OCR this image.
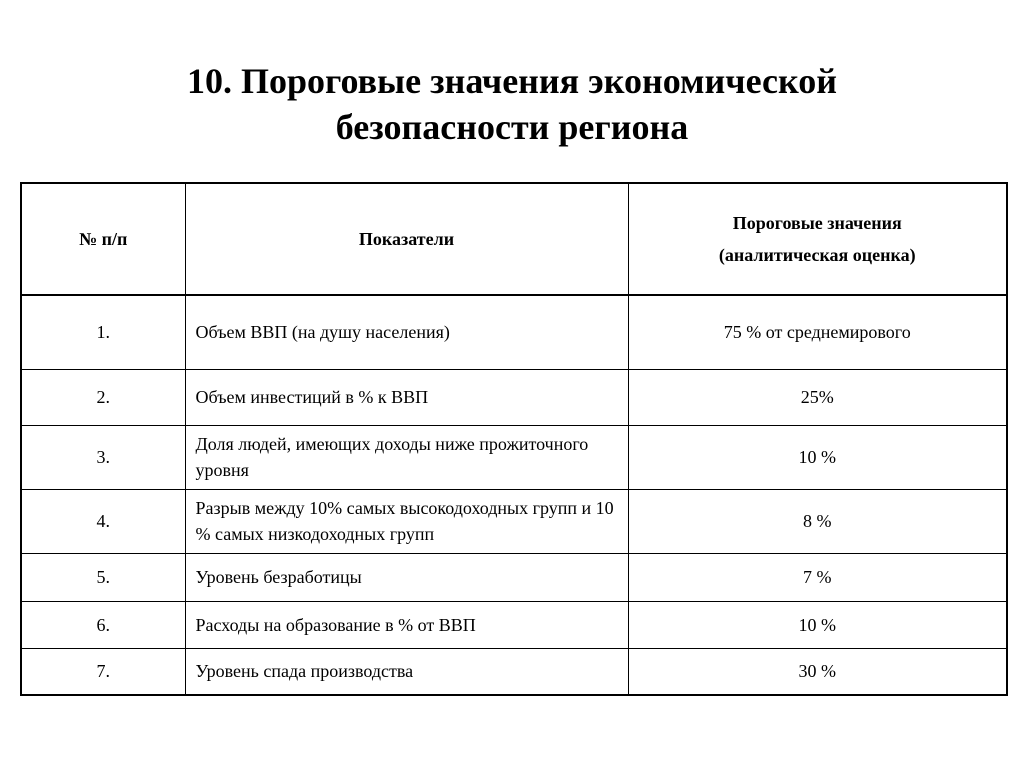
10. Пороговые значения экономической
безопасности региона
№ п/п	Показатели	Пороговые значения
(аналитическая оценка)

1.	Объем ВВП (на душу населения)	75 % от среднемирового
2.	Объем инвестиций в % к ВВП	25%
3.	Доля людей, имеющих доходы ниже прожиточного уровня	10 %
4.	Разрыв между 10% самых высокодоходных групп и 10 % самых низкодоходных групп	8 %
5.	Уровень безработицы	7 %
6.	Расходы на образование в % от ВВП	10 %
7.	Уровень спада производства	30 %
